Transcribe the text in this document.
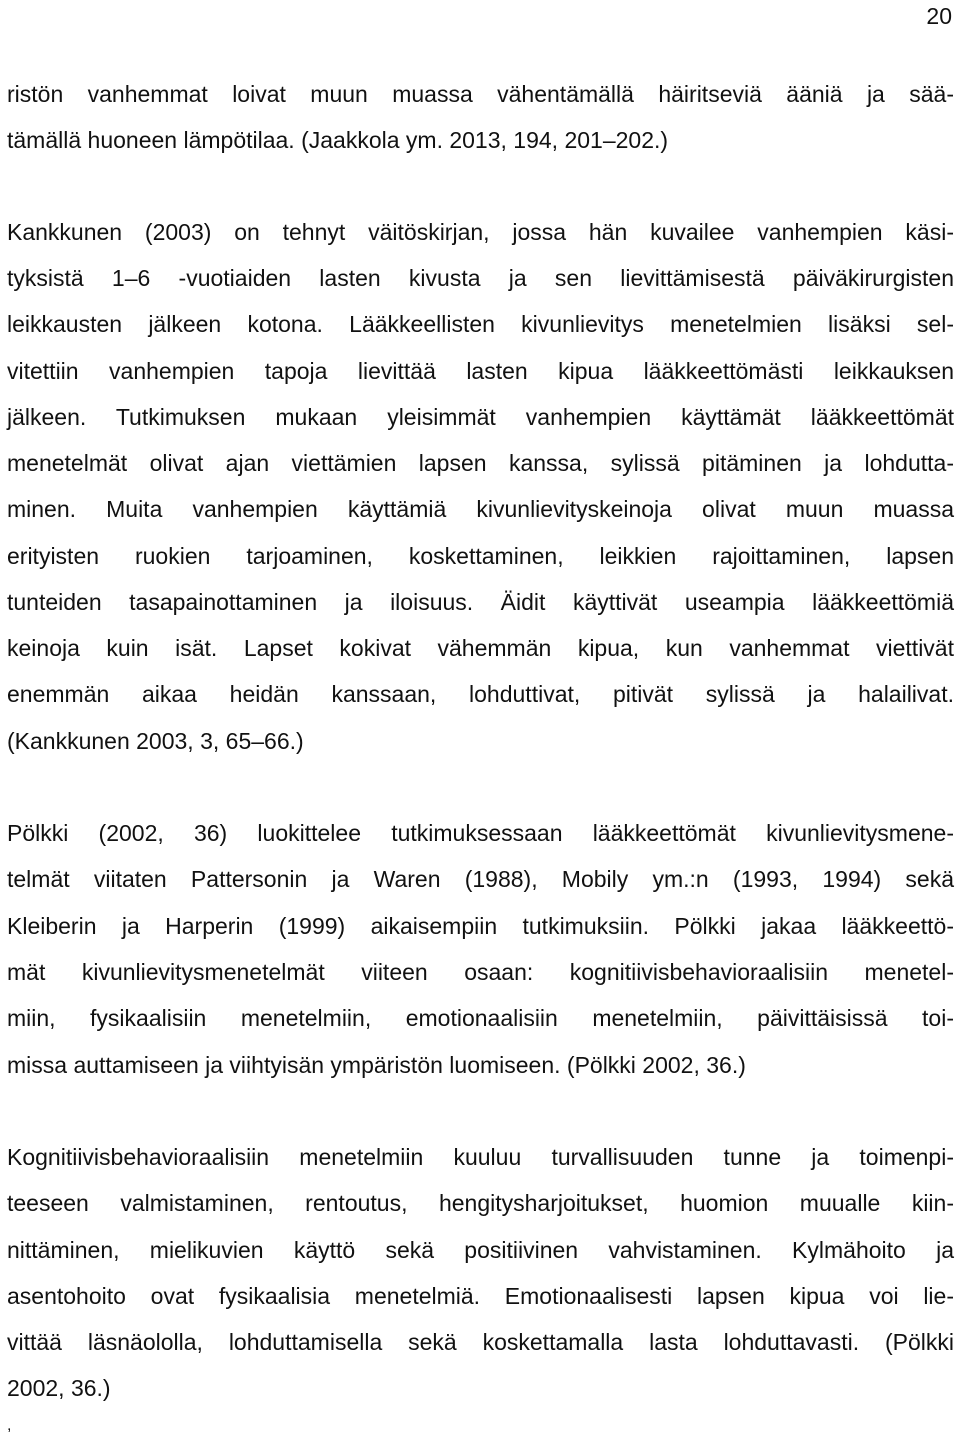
20
ristön vanhemmat loivat muun muassa vähentämällä häiritseviä ääniä ja sää-
tämällä huoneen lämpötilaa. (Jaakkola ym. 2013, 194, 201–202.)
Kankkunen (2003) on tehnyt väitöskirjan, jossa hän kuvailee vanhempien käsi-
tyksistä 1–6 -vuotiaiden lasten kivusta ja sen lievittämisestä päiväkirurgisten
leikkausten jälkeen kotona. Lääkkeellisten kivunlievitys menetelmien lisäksi sel-
vitettiin vanhempien tapoja lievittää lasten kipua lääkkeettömästi leikkauksen
jälkeen. Tutkimuksen mukaan yleisimmät vanhempien käyttämät lääkkeettömät
menetelmät olivat ajan viettämien lapsen kanssa, sylissä pitäminen ja lohdutta-
minen. Muita vanhempien käyttämiä kivunlievityskeinoja olivat muun muassa
erityisten ruokien tarjoaminen, koskettaminen, leikkien rajoittaminen, lapsen
tunteiden tasapainottaminen ja iloisuus. Äidit käyttivät useampia lääkkeettömiä
keinoja kuin isät. Lapset kokivat vähemmän kipua, kun vanhemmat viettivät
enemmän aikaa heidän kanssaan, lohduttivat, pitivät sylissä ja halailivat.
(Kankkunen 2003, 3, 65–66.)
Pölkki (2002, 36) luokittelee tutkimuksessaan lääkkeettömät kivunlievitysmene-
telmät viitaten Pattersonin ja Waren (1988), Mobily ym.:n (1993, 1994) sekä
Kleiberin ja Harperin (1999) aikaisempiin tutkimuksiin. Pölkki jakaa lääkkeettö-
mät kivunlievitysmenetelmät viiteen osaan: kognitiivisbehavioraalisiin menetel-
miin, fysikaalisiin menetelmiin, emotionaalisiin menetelmiin, päivittäisissä toi-
missa auttamiseen ja viihtyisän ympäristön luomiseen. (Pölkki 2002, 36.)
Kognitiivisbehavioraalisiin menetelmiin kuuluu turvallisuuden tunne ja toimenpi-
teeseen valmistaminen, rentoutus, hengitysharjoitukset, huomion muualle kiin-
nittäminen, mielikuvien käyttö sekä positiivinen vahvistaminen. Kylmähoito ja
asentohoito ovat fysikaalisia menetelmiä. Emotionaalisesti lapsen kipua voi lie-
vittää läsnäololla, lohduttamisella sekä koskettamalla lasta lohduttavasti. (Pölkki
2002, 36.)
,
